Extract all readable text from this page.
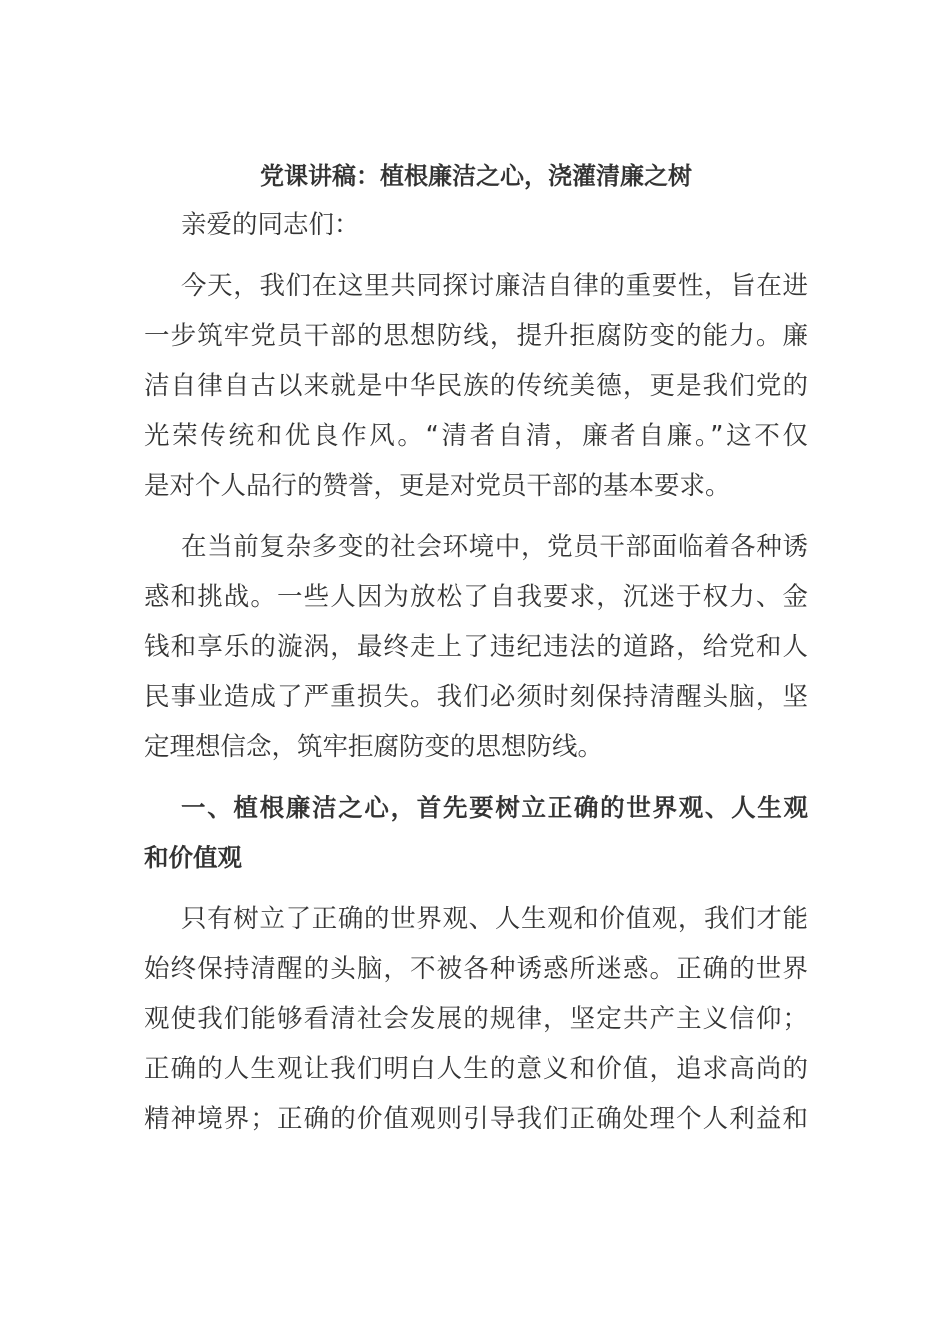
党课讲稿：植根廉洁之心，浇灌清廉之树
亲爱的同志们：
今天，我们在这里共同探讨廉洁自律的重要性，旨在进
一步筑牢党员干部的思想防线，提升拒腐防变的能力。廉
洁自律自古以来就是中华民族的传统美德，更是我们党的
光荣传统和优良作风。“清者自清，廉者自廉。”这不仅
是对个人品行的赞誉，更是对党员干部的基本要求。
在当前复杂多变的社会环境中，党员干部面临着各种诱
惑和挑战。一些人因为放松了自我要求，沉迷于权力、金
钱和享乐的漩涡，最终走上了违纪违法的道路，给党和人
民事业造成了严重损失。我们必须时刻保持清醒头脑，坚
定理想信念，筑牢拒腐防变的思想防线。
一、植根廉洁之心，首先要树立正确的世界观、人生观
和价值观
只有树立了正确的世界观、人生观和价值观，我们才能
始终保持清醒的头脑，不被各种诱惑所迷惑。正确的世界
观使我们能够看清社会发展的规律，坚定共产主义信仰；
正确的人生观让我们明白人生的意义和价值，追求高尚的
精神境界；正确的价值观则引导我们正确处理个人利益和
